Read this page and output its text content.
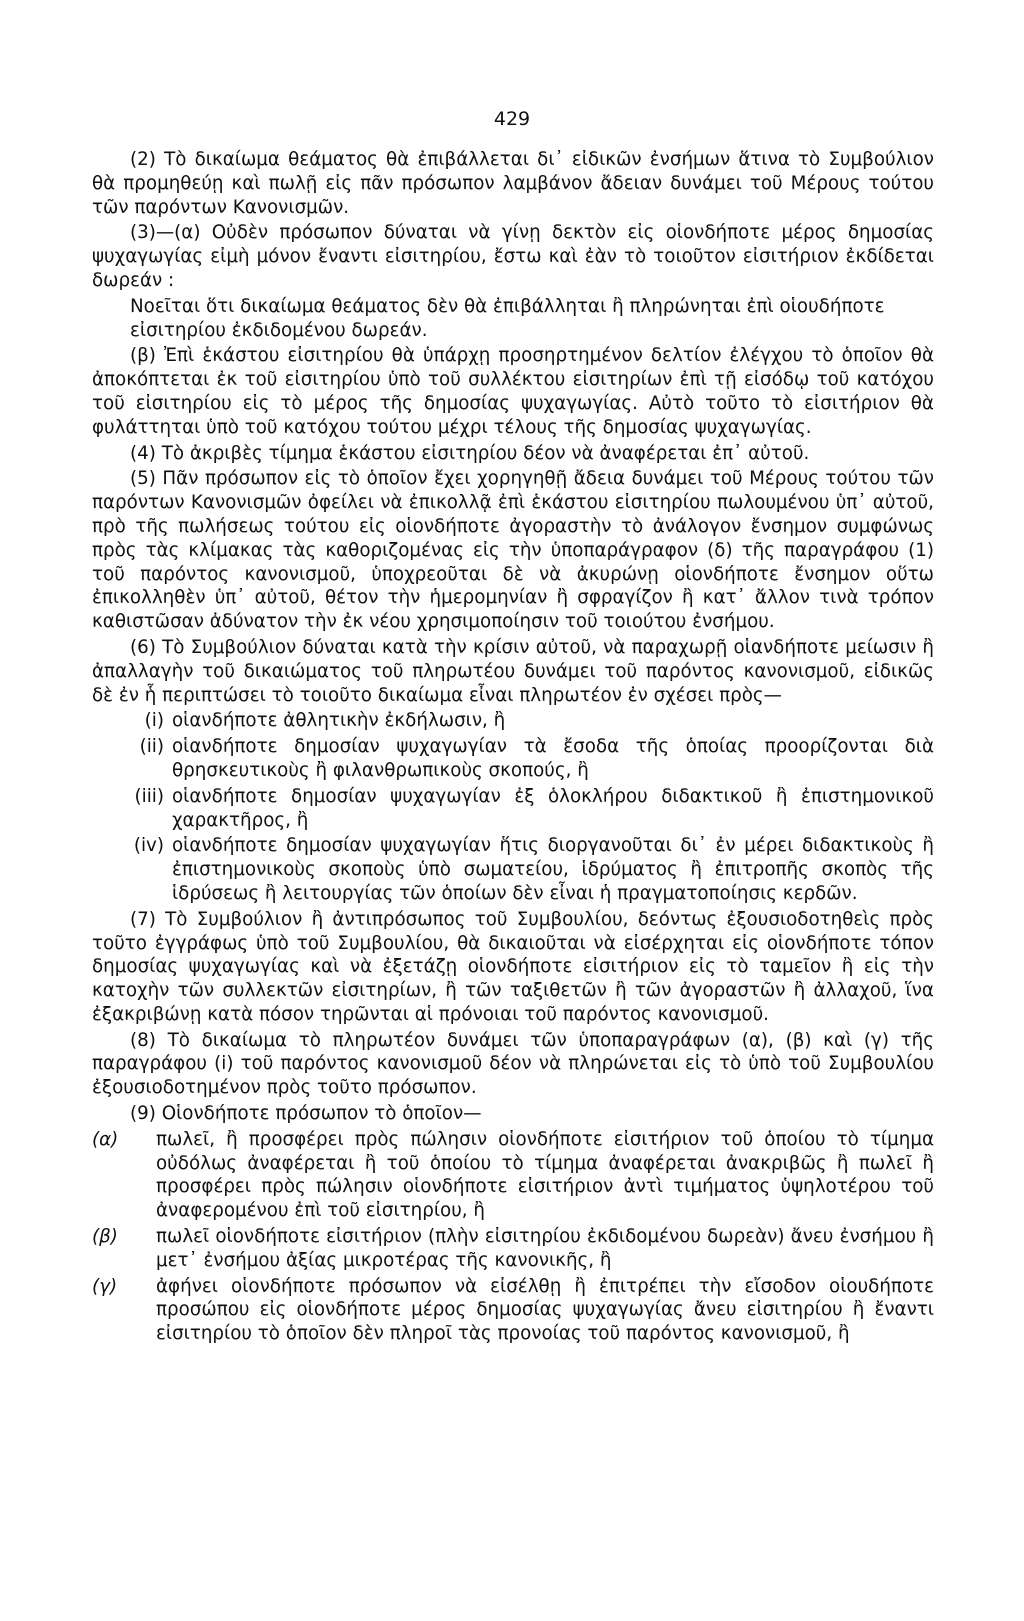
429

(2) Τὸ δικαίωμα θεάματος θὰ ἐπιβάλλεται δι᾽ εἰδικῶν ἐνσήμων ἅτινα τὸ Συμβούλιον θὰ προμηθεύῃ καὶ πωλῇ εἰς πᾶν πρόσωπον λαμβάνον ἄδειαν δυνάμει τοῦ Μέρους τούτου τῶν παρόντων Κανονισμῶν.

(3)—(α) Οὐδὲν πρόσωπον δύναται νὰ γίνῃ δεκτὸν εἰς οἱονδήποτε μέρος δημοσίας ψυχαγωγίας εἰμὴ μόνον ἔναντι εἰσιτηρίου, ἔστω καὶ ἐὰν τὸ τοιοῦτον εἰσιτήριον ἐκδίδεται δωρεάν :

Νοεῖται ὅτι δικαίωμα θεάματος δὲν θὰ ἐπιβάλληται ἢ πληρώνηται ἐπὶ οἱουδήποτε εἰσιτηρίου ἐκδιδομένου δωρεάν.

(β) Ἐπὶ ἑκάστου εἰσιτηρίου θὰ ὑπάρχῃ προσηρτημένον δελτίον ἐλέγχου τὸ ὁποῖον θὰ ἀποκόπτεται ἐκ τοῦ εἰσιτηρίου ὑπὸ τοῦ συλλέκτου εἰσιτηρίων ἐπὶ τῇ εἰσόδῳ τοῦ κατόχου τοῦ εἰσιτηρίου εἰς τὸ μέρος τῆς δημοσίας ψυχαγωγίας. Αὐτὸ τοῦτο τὸ εἰσιτήριον θὰ φυλάττηται ὑπὸ τοῦ κατόχου τούτου μέχρι τέλους τῆς δημοσίας ψυχαγωγίας.

(4) Τὸ ἀκριβὲς τίμημα ἑκάστου εἰσιτηρίου δέον νὰ ἀναφέρεται ἐπ᾽ αὐτοῦ.

(5) Πᾶν πρόσωπον εἰς τὸ ὁποῖον ἔχει χορηγηθῇ ἄδεια δυνάμει τοῦ Μέρους τούτου τῶν παρόντων Κανονισμῶν ὀφείλει νὰ ἐπικολλᾷ ἐπὶ ἑκάστου εἰσιτηρίου πωλουμένου ὑπ᾽ αὐτοῦ, πρὸ τῆς πωλήσεως τούτου εἰς οἱονδήποτε ἀγοραστὴν τὸ ἀνάλογον ἔνσημον συμφώνως πρὸς τὰς κλίμακας τὰς καθοριζομένας εἰς τὴν ὑποπαράγραφον (δ) τῆς παραγράφου (1) τοῦ παρόντος κανονισμοῦ, ὑποχρεοῦται δὲ νὰ ἀκυρώνῃ οἱονδήποτε ἔνσημον οὕτω ἐπικολληθὲν ὑπ᾽ αὐτοῦ, θέτον τὴν ἡμερομηνίαν ἢ σφραγίζον ἢ κατ᾽ ἄλλον τινὰ τρόπον καθιστῶσαν ἀδύνατον τὴν ἐκ νέου χρησιμοποίησιν τοῦ τοιούτου ἐνσήμου.

(6) Τὸ Συμβούλιον δύναται κατὰ τὴν κρίσιν αὐτοῦ, νὰ παραχωρῇ οἱανδήποτε μείωσιν ἢ ἀπαλλαγὴν τοῦ δικαιώματος τοῦ πληρωτέου δυνάμει τοῦ παρόντος κανονισμοῦ, εἰδικῶς δὲ ἐν ἧ περιπτώσει τὸ τοιοῦτο δικαίωμα εἶναι πληρωτέον ἐν σχέσει πρὸς—

(i) οἱανδήποτε ἀθλητικὴν ἐκδήλωσιν, ἢ
(ii) οἱανδήποτε δημοσίαν ψυχαγωγίαν τὰ ἔσοδα τῆς ὁποίας προορίζονται διὰ θρησκευτικοὺς ἢ φιλανθρωπικοὺς σκοπούς, ἢ
(iii) οἱανδήποτε δημοσίαν ψυχαγωγίαν ἐξ ὁλοκλήρου διδακτικοῦ ἢ ἐπιστημονικοῦ χαρακτῆρος, ἢ
(iv) οἱανδήποτε δημοσίαν ψυχαγωγίαν ἥτις διοργανοῦται δι᾽ ἐν μέρει διδακτικοὺς ἢ ἐπιστημονικοὺς σκοποὺς ὑπὸ σωματείου, ἱδρύματος ἢ ἐπιτροπῆς σκοπὸς τῆς ἱδρύσεως ἢ λειτουργίας τῶν ὁποίων δὲν εἶναι ἡ πραγματοποίησις κερδῶν.

(7) Τὸ Συμβούλιον ἢ ἀντιπρόσωπος τοῦ Συμβουλίου, δεόντως ἐξουσιοδοτηθεὶς πρὸς τοῦτο ἐγγράφως ὑπὸ τοῦ Συμβουλίου, θὰ δικαιοῦται νὰ εἰσέρχηται εἰς οἱονδήποτε τόπον δημοσίας ψυχαγωγίας καὶ νὰ ἐξετάζῃ οἱονδήποτε εἰσιτήριον εἰς τὸ ταμεῖον ἢ εἰς τὴν κατοχὴν τῶν συλλεκτῶν εἰσιτηρίων, ἢ τῶν ταξιθετῶν ἢ τῶν ἀγοραστῶν ἢ ἀλλαχοῦ, ἵνα ἐξακριβώνῃ κατὰ πόσον τηρῶνται αἱ πρόνοιαι τοῦ παρόντος κανονισμοῦ.

(8) Τὸ δικαίωμα τὸ πληρωτέον δυνάμει τῶν ὑποπαραγράφων (α), (β) καὶ (γ) τῆς παραγράφου (i) τοῦ παρόντος κανονισμοῦ δέον νὰ πληρώνεται εἰς τὸ ὑπὸ τοῦ Συμβουλίου ἐξουσιοδοτημένον πρὸς τοῦτο πρόσωπον.

(9) Οἱονδήποτε πρόσωπον τὸ ὁποῖον—

(α)	πωλεῖ, ἢ προσφέρει πρὸς πώλησιν οἱονδήποτε εἰσιτήριον τοῦ ὁποίου τὸ τίμημα οὐδόλως ἀναφέρεται ἢ τοῦ ὁποίου τὸ τίμημα ἀναφέρεται ἀνακριβῶς ἢ πωλεῖ ἢ προσφέρει πρὸς πώλησιν οἱονδήποτε εἰσιτήριον ἀντὶ τιμήματος ὑψηλοτέρου τοῦ ἀναφερομένου ἐπὶ τοῦ εἰσιτηρίου, ἢ
(β)	πωλεῖ οἱονδήποτε εἰσιτήριον (πλὴν εἰσιτηρίου ἐκδιδομένου δωρεὰν) ἄνευ ἐνσήμου ἢ μετ᾽ ἐνσήμου ἀξίας μικροτέρας τῆς κανονικῆς, ἢ
(γ)	ἀφήνει οἱονδήποτε πρόσωπον νὰ εἰσέλθῃ ἢ ἐπιτρέπει τὴν εἴσοδον οἱουδήποτε προσώπου εἰς οἱονδήποτε μέρος δημοσίας ψυχαγωγίας ἄνευ εἰσιτηρίου ἢ ἔναντι εἰσιτηρίου τὸ ὁποῖον δὲν πληροῖ τὰς προνοίας τοῦ παρόντος κανονισμοῦ, ἢ
